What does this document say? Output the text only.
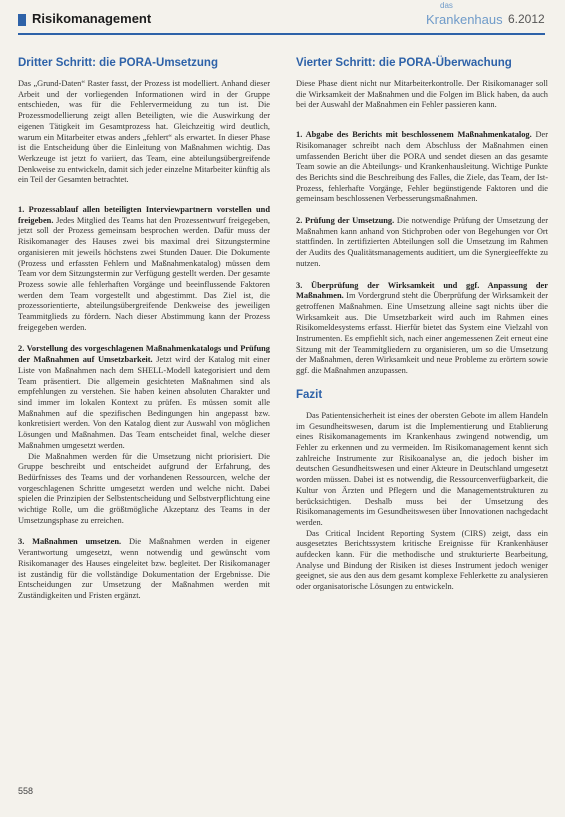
Risikomanagement
das
Krankenhaus 6.2012
Dritter Schritt: die PORA-Umsetzung

Das „Grund-Daten“ Raster fasst, der Prozess ist modelliert. Anhand dieser Arbeit und der vorliegenden Informationen wird in der Gruppe entschieden, was für die Fehlervermeidung zu tun ist. Die Prozessmodellierung zeigt allen Beteiligten, wie die Auswirkung der eigenen Tätigkeit im Gesamtprozess hat. Gleichzeitig wird deutlich, warum ein Mitarbeiter etwas anders „fehlert“ als erwartet. In dieser Phase ist die Entscheidung über die Einleitung von Maßnahmen wichtig. Das Werkzeuge ist jetzt fo variiert, das Team, eine abteilungsübergreifende Denkweise zu entwickeln, damit sich jeder einzelne Mitarbeiter künftig als ein Teil der Gesamten betrachtet.

1. Prozessablauf allen beteiligten Interviewpartnern vorstellen und freigeben. Jedes Mitglied des Teams hat den Prozessentwurf freigegeben, jetzt soll der Prozess gemeinsam besprochen werden. Dafür muss der Risikomanager des Hauses zwei bis maximal drei Sitzungstermine organisieren mit jeweils höchstens zwei Stunden Dauer. Die Dokumente (Prozess und erfassten Fehlern und Maßnahmenkatalog) müssen dem Team vor dem Sitzungstermin zur Verfügung gestellt werden. Der gesamte Prozess sowie alle fehlerhaften Vorgänge und beeinflussende Faktoren werden dem Team vorgestellt und abgestimmt. Das Ziel ist, die prozessorientierte, abteilungsübergreifende Denkweise des jeweiligen Teammitglieds zu fördern. Nach dieser Abstimmung kann der Prozess freigegeben werden.

2. Vorstellung des vorgeschlagenen Maßnahmenkatalogs und Prüfung der Maßnahmen auf Umsetzbarkeit. Jetzt wird der Katalog mit einer Liste von Maßnahmen nach dem SHELL-Modell kategorisiert und dem Team präsentiert. Die allgemein gesichteten Maßnahmen sind als empfehlungen zu verstehen. Sie haben keinen absoluten Charakter und sind immer im lokalen Kontext zu prüfen. Es müssen somit alle Maßnahmen auf die spezifischen Bedingungen hin angepasst bzw. konkretisiert werden. Von den Katalog dient zur Auswahl von möglichen Lösungen und Maßnahmen. Das Team entscheidet final, welche dieser Maßnahmen umgesetzt werden.

Die Maßnahmen werden für die Umsetzung nicht priorisiert. Die Gruppe beschreibt und entscheidet aufgrund der Erfahrung, des Bedürfnisses des Teams und der vorhandenen Ressourcen, welche der vorgeschlagenen Schritte umgesetzt werden und welche nicht. Dabei spielen die Prinzipien der Selbstentscheidung und Selbstverpflichtung eine wichtige Rolle, um die größtmögliche Akzeptanz des Teams in der Umsetzungsphase zu erreichen.

3. Maßnahmen umsetzen. Die Maßnahmen werden in eigener Verantwortung umgesetzt, wenn notwendig und gewünscht vom Risikomanager des Hauses eingeleitet bzw. begleitet. Der Risikomanager ist zuständig für die vollständige Dokumentation der Ergebnisse. Die Entscheidungen zur Umsetzung der Maßnahmen werden mit Zuständigkeiten und Fristen ergänzt.

Vierter Schritt: die PORA-Überwachung

Diese Phase dient nicht nur Mitarbeiterkontrolle. Der Risikomanager soll die Wirksamkeit der Maßnahmen und die Folgen im Blick haben, da auch bei der Auswahl der Maßnahmen ein Fehler passieren kann.

1. Abgabe des Berichts mit beschlossenem Maßnahmenkatalog. Der Risikomanager schreibt nach dem Abschluss der Maßnahmen einen umfassenden Bericht über die PORA und sendet diesen an das gesamte Team sowie an die Abteilungs- und Krankenhausleitung. Wichtige Punkte des Berichts sind die Beschreibung des Falles, die Ziele, das Team, der Ist-Prozess, fehlerhafte Vorgänge, Fehler begünstigende Faktoren und die gemeinsam beschlossenen Verbesserungsmaßnahmen.

2. Prüfung der Umsetzung. Die notwendige Prüfung der Umsetzung der Maßnahmen kann anhand von Stichproben oder von Begehungen vor Ort stattfinden. In zertifizierten Abteilungen soll die Umsetzung im Rahmen der Audits des Qualitätsmanagements auditiert, um die Synergieeffekte zu nutzen.

3. Überprüfung der Wirksamkeit und ggf. Anpassung der Maßnahmen. Im Vordergrund steht die Überprüfung der Wirksamkeit der getroffenen Maßnahmen. Eine Umsetzung alleine sagt nichts über die Wirksamkeit aus. Die Umsetzbarkeit wird auch im Rahmen eines Risikomeldesystems erfasst. Hierfür bietet das System eine Vielzahl von Instrumenten. Es empfiehlt sich, nach einer angemessenen Zeit erneut eine Sitzung mit der Teammitgliedern zu organisieren, um so die Umsetzung der Maßnahmen, deren Wirksamkeit und neue Probleme zu erörtern sowie ggf. die Maßnahmen anzupassen.

Fazit

Das Patientensicherheit ist eines der obersten Gebote im allem Handeln im Gesundheitswesen, darum ist die Implementierung und Etablierung eines Risikomanagements im Krankenhaus zwingend notwendig, um Fehler zu erkennen und zu vermeiden. Im Risikomanagement kennt sich zahlreiche Instrumente zur Risikoanalyse an, die jedoch bisher im deutschen Gesundheitswesen und einer Akteure in Deutschland umgesetzt worden müssen. Dabei ist es notwendig, die Ressourcenverfügbarkeit, die Kultur von Ärzten und Pflegern und die Managementstrukturen zu berücksichtigen. Deshalb muss bei der Umsetzung des Risikomanagements im Gesundheitswesen über Innovationen nachgedacht werden.

Das Critical Incident Reporting System (CIRS) zeigt, dass ein ausgesetztes Berichtssystem kritische Ereignisse für Krankenhäuser aufdecken kann. Für die methodische und strukturierte Bearbeitung, Analyse und Bindung der Risiken ist dieses Instrument jedoch weniger geeignet, sie aus den aus dem gesamt komplexe Fehlerkette zu analysieren oder organisatorische Lösungen zu entwickeln.

558
